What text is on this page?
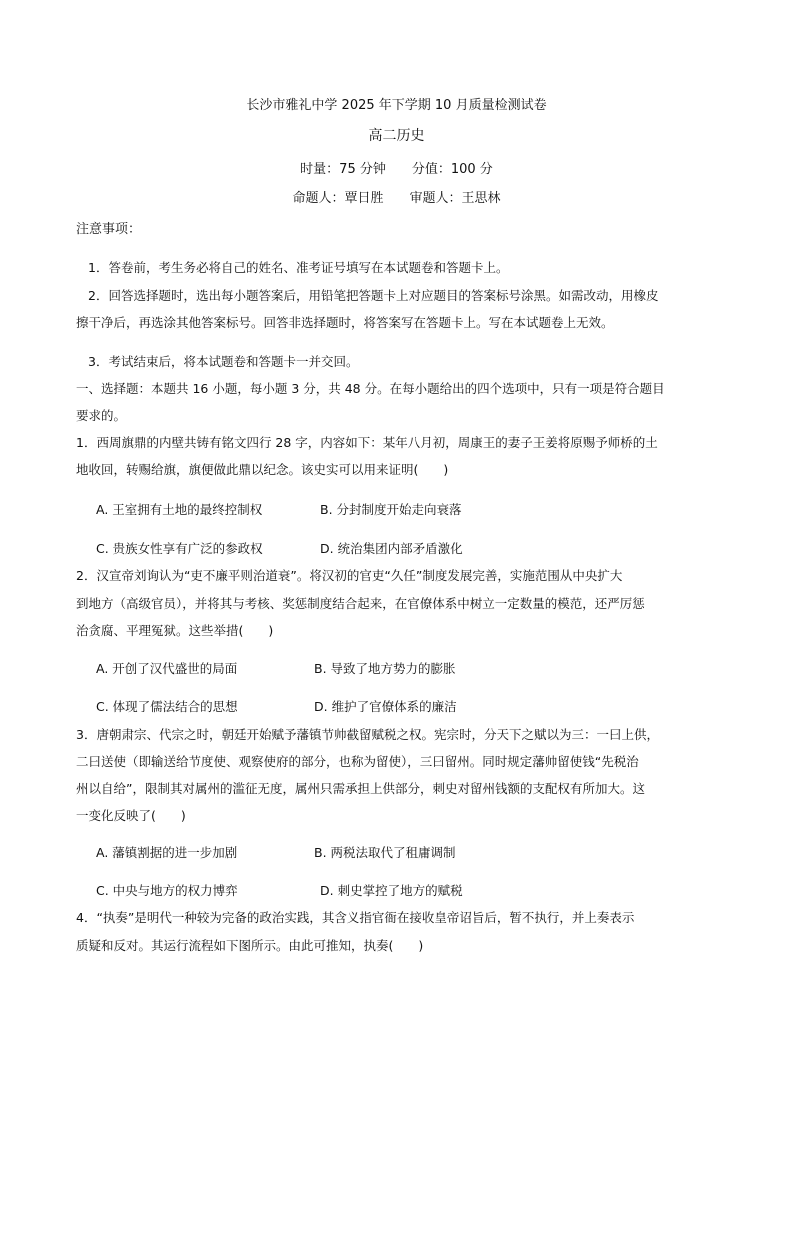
长沙市雅礼中学 2025 年下学期 10 月质量检测试卷
高二历史
时量：75 分钟 分值：100 分
命题人：覃日胜 审题人：王思林
注意事项：
1．答卷前，考生务必将自己的姓名、准考证号填写在本试题卷和答题卡上。
2．回答选择题时，选出每小题答案后，用铅笔把答题卡上对应题目的答案标号涂黑。如需改动，用橡皮
擦干净后，再选涂其他答案标号。回答非选择题时，将答案写在答题卡上。写在本试题卷上无效。
3．考试结束后，将本试题卷和答题卡一并交回。
一、选择题：本题共 16 小题，每小题 3 分，共 48 分。在每小题给出的四个选项中，只有一项是符合题目
要求的。
1．西周旗鼎的内壁共铸有铭文四行 28 字，内容如下：某年八月初，周康王的妻子王姜将原赐予师桥的土
地收回，转赐给旗，旗便做此鼎以纪念。该史实可以用来证明(　　)
A. 王室拥有土地的最终控制权	B. 分封制度开始走向衰落
C. 贵族女性享有广泛的参政权	D. 统治集团内部矛盾激化
2．汉宣帝刘询认为“吏不廉平则治道衰”。将汉初的官吏“久任”制度发展完善，实施范围从中央扩大
到地方（高级官员），并将其与考核、奖惩制度结合起来，在官僚体系中树立一定数量的模范，还严厉惩
治贪腐、平理冤狱。这些举措(　　)
A. 开创了汉代盛世的局面	B. 导致了地方势力的膨胀
C. 体现了儒法结合的思想	D. 维护了官僚体系的廉洁
3．唐朝肃宗、代宗之时，朝廷开始赋予藩镇节帅截留赋税之权。宪宗时，分天下之赋以为三：一曰上供，
二曰送使（即输送给节度使、观察使府的部分，也称为留使），三曰留州。同时规定藩帅留使钱“先税治
州以自给”，限制其对属州的滥征无度，属州只需承担上供部分，刺史对留州钱额的支配权有所加大。这
一变化反映了(　　)
A. 藩镇割据的进一步加剧	B. 两税法取代了租庸调制
C. 中央与地方的权力博弈	D. 刺史掌控了地方的赋税
4．“执奏”是明代一种较为完备的政治实践，其含义指官衙在接收皇帝诏旨后，暂不执行，并上奏表示
质疑和反对。其运行流程如下图所示。由此可推知，执奏(　　)
